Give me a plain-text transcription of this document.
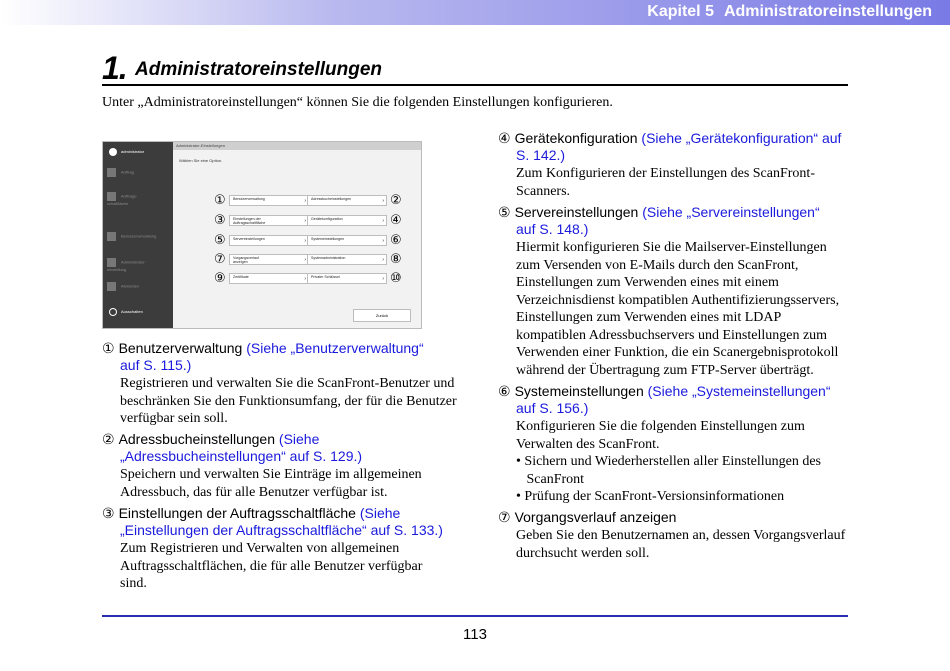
Kapitel 5 Administratoreinstellungen
1. Administratoreinstellungen
Unter „Administratoreinstellungen“ können Sie die folgenden Einstellungen konfigurieren.
administrator
Auftrag
Auftrags-
schaltfläche
Benutzerverwaltung
Administrator-
einstellung
Abmelden
Ausschalten
Administrator-Einstellungen
Wählen Sie eine Option.
Benutzerverwaltung	›
Einstellungen der
Auftragsschaltfläche	›
Servereinstellungen	›
Vorgangsverlauf
anzeigen	›
Zertifikate	›
Adressbucheinstellungen	›
Gerätekonfiguration	›
Systemeinstellungen	›
Systemadministration	›
Privater Schlüssel	›
①
③
⑤
⑦
⑨
②
④
⑥
⑧
⑩
Zurück
① Benutzerverwaltung (Siehe „Benutzerverwaltung“
auf S. 115.)
Registrieren und verwalten Sie die ScanFront-Benutzer und
beschränken Sie den Funktionsumfang, der für die Benutzer
verfügbar sein soll.
② Adressbucheinstellungen (Siehe
„Adressbucheinstellungen“ auf S. 129.)
Speichern und verwalten Sie Einträge im allgemeinen
Adressbuch, das für alle Benutzer verfügbar ist.
③ Einstellungen der Auftragsschaltfläche (Siehe
„Einstellungen der Auftragsschaltfläche“ auf S. 133.)
Zum Registrieren und Verwalten von allgemeinen
Auftragsschaltflächen, die für alle Benutzer verfügbar
sind.
④ Gerätekonfiguration (Siehe „Gerätekonfiguration“ auf
S. 142.)
Zum Konfigurieren der Einstellungen des ScanFront-
Scanners.
⑤ Servereinstellungen (Siehe „Servereinstellungen“
auf S. 148.)
Hiermit konfigurieren Sie die Mailserver-Einstellungen
zum Versenden von E-Mails durch den ScanFront,
Einstellungen zum Verwenden eines mit einem
Verzeichnisdienst kompatiblen Authentifizierungsservers,
Einstellungen zum Verwenden eines mit LDAP
kompatiblen Adressbuchservers und Einstellungen zum
Verwenden einer Funktion, die ein Scanergebnisprotokoll
während der Übertragung zum FTP-Server überträgt.
⑥ Systemeinstellungen (Siehe „Systemeinstellungen“
auf S. 156.)
Konfigurieren Sie die folgenden Einstellungen zum
Verwalten des ScanFront.
• Sichern und Wiederherstellen aller Einstellungen des
ScanFront
• Prüfung der ScanFront-Versionsinformationen
⑦ Vorgangsverlauf anzeigen
Geben Sie den Benutzernamen an, dessen Vorgangsverlauf
durchsucht werden soll.
113
